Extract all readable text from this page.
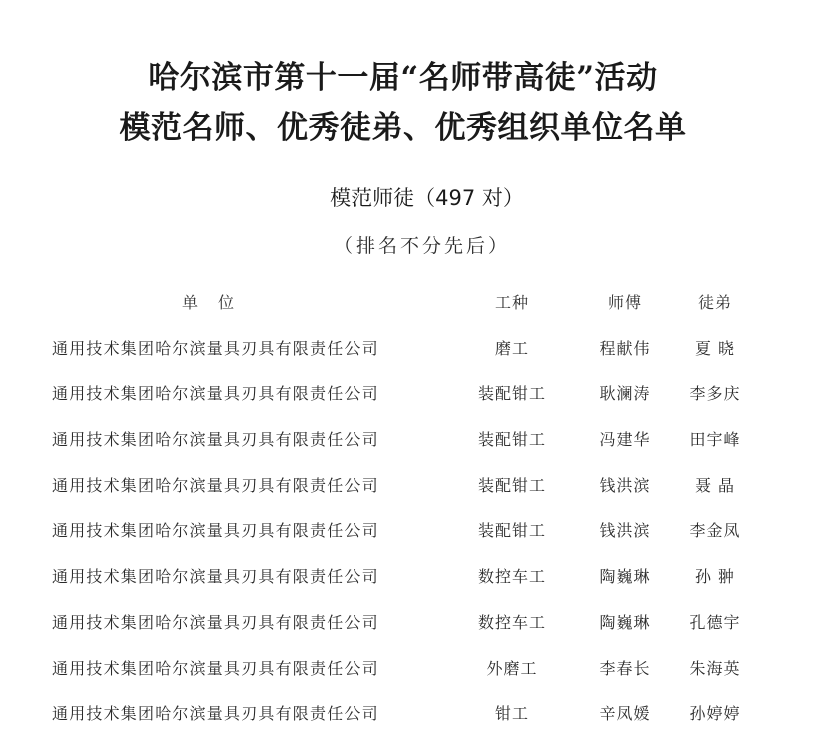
哈尔滨市第十一届“名师带高徒”活动
模范名师、优秀徒弟、优秀组织单位名单
模范师徒（497 对）
（排名不分先后）
单位	工种	师傅	徒弟
通用技术集团哈尔滨量具刃具有限责任公司	磨工	程献伟	夏 晓
通用技术集团哈尔滨量具刃具有限责任公司	装配钳工	耿澜涛	李多庆
通用技术集团哈尔滨量具刃具有限责任公司	装配钳工	冯建华	田宇峰
通用技术集团哈尔滨量具刃具有限责任公司	装配钳工	钱洪滨	聂 晶
通用技术集团哈尔滨量具刃具有限责任公司	装配钳工	钱洪滨	李金凤
通用技术集团哈尔滨量具刃具有限责任公司	数控车工	陶巍琳	孙 翀
通用技术集团哈尔滨量具刃具有限责任公司	数控车工	陶巍琳	孔德宇
通用技术集团哈尔滨量具刃具有限责任公司	外磨工	李春长	朱海英
通用技术集团哈尔滨量具刃具有限责任公司	钳工	辛凤媛	孙婷婷
